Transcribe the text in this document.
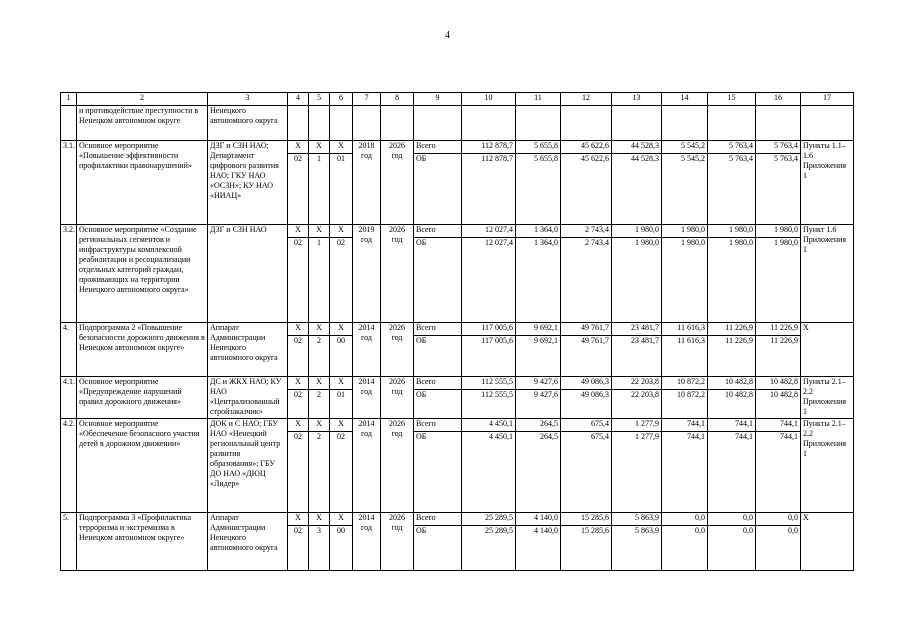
4
1	2	3	4	5	6	7	8	9	10	11	12	13	14	15	16	17
	и противодействие преступности в Ненецком автономном округе	Ненецкого автономного округа														
3.1.	Основное мероприятие «Повышение эффективности профилактики правонарушений»	ДЗГ и СЗН НАО; Департамент цифрового развития НАО; ГКУ НАО «ОСЗН»; КУ НАО «НИАЦ»	X	X	X	2018 год	2026 год	Всего	112 878,7	5 655,8	45 622,6	44 528,3	5 545,2	5 763,4	5 763,4	Пункты 1.1–1.6 Приложения 1
			02	1	01			ОБ	112 878,7	5 655,8	45 622,6	44 528,3	5 545,2	5 763,4	5 763,4	
3.2.	Основное мероприятие «Создание региональных сегментов и инфраструктуры комплексной реабилитации и ресоциализации отдельных категорий граждан, проживающих на территории Ненецкого автономного округа»	ДЗГ и СЗН НАО	X	X	X	2019 год	2026 год	Всего	12 027,4	1 364,0	2 743,4	1 980,0	1 980,0	1 980,0	1 980,0	Пункт 1.6 Приложения 1
			02	1	02			ОБ	12 027,4	1 364,0	2 743,4	1 980,0	1 980,0	1 980,0	1 980,0	
4.	Подпрограмма 2 «Повышение безопасности дорожного движения в Ненецком автономном округе»	Аппарат Администрации Ненецкого автономного округа	X	X	X	2014 год	2026 год	Всего	117 005,6	9 692,1	49 761,7	23 481,7	11 616,3	11 226,9	11 226,9	X
			02	2	00			ОБ	117 005,6	9 692,1	49 761,7	23 481,7	11 616,3	11 226,9	11 226,9	
4.1.	Основное мероприятие «Предупреждение нарушений правил дорожного движения»	ДС и ЖКХ НАО; КУ НАО «Централизованный стройзаказчик»	X	X	X	2014 год	2026 год	Всего	112 555,5	9 427,6	49 086,3	22 203,8	10 872,2	10 482,8	10 482,8	Пункты 2.1–2.2 Приложения 1
			02	2	01			ОБ	112 555,5	9 427,6	49 086,3	22 203,8	10 872,2	10 482,8	10 482,8	
4.2.	Основное мероприятие «Обеспечение безопасного участия детей в дорожном движении»	ДОК и С НАО; ГБУ НАО «Ненецкий региональный центр развития образования»; ГБУ ДО НАО «ДЮЦ «Лидер»	X	X	X	2014 год	2026 год	Всего	4 450,1	264,5	675,4	1 277,9	744,1	744,1	744,1	Пункты 2.1–2.2 Приложения 1
			02	2	02			ОБ	4 450,1	264,5	675,4	1 277,9	744,1	744,1	744,1	
5.	Подпрограмма 3 «Профилактика терроризма и экстремизма в Ненецком автономном округе»	Аппарат Администрации Ненецкого автономного округа	X	X	X	2014 год	2026 год	Всего	25 289,5	4 140,0	15 285,6	5 863,9	0,0	0,0	0,0	X
			02	3	00			ОБ	25 289,5	4 140,0	15 285,6	5 863,9	0,0	0,0	0,0	
